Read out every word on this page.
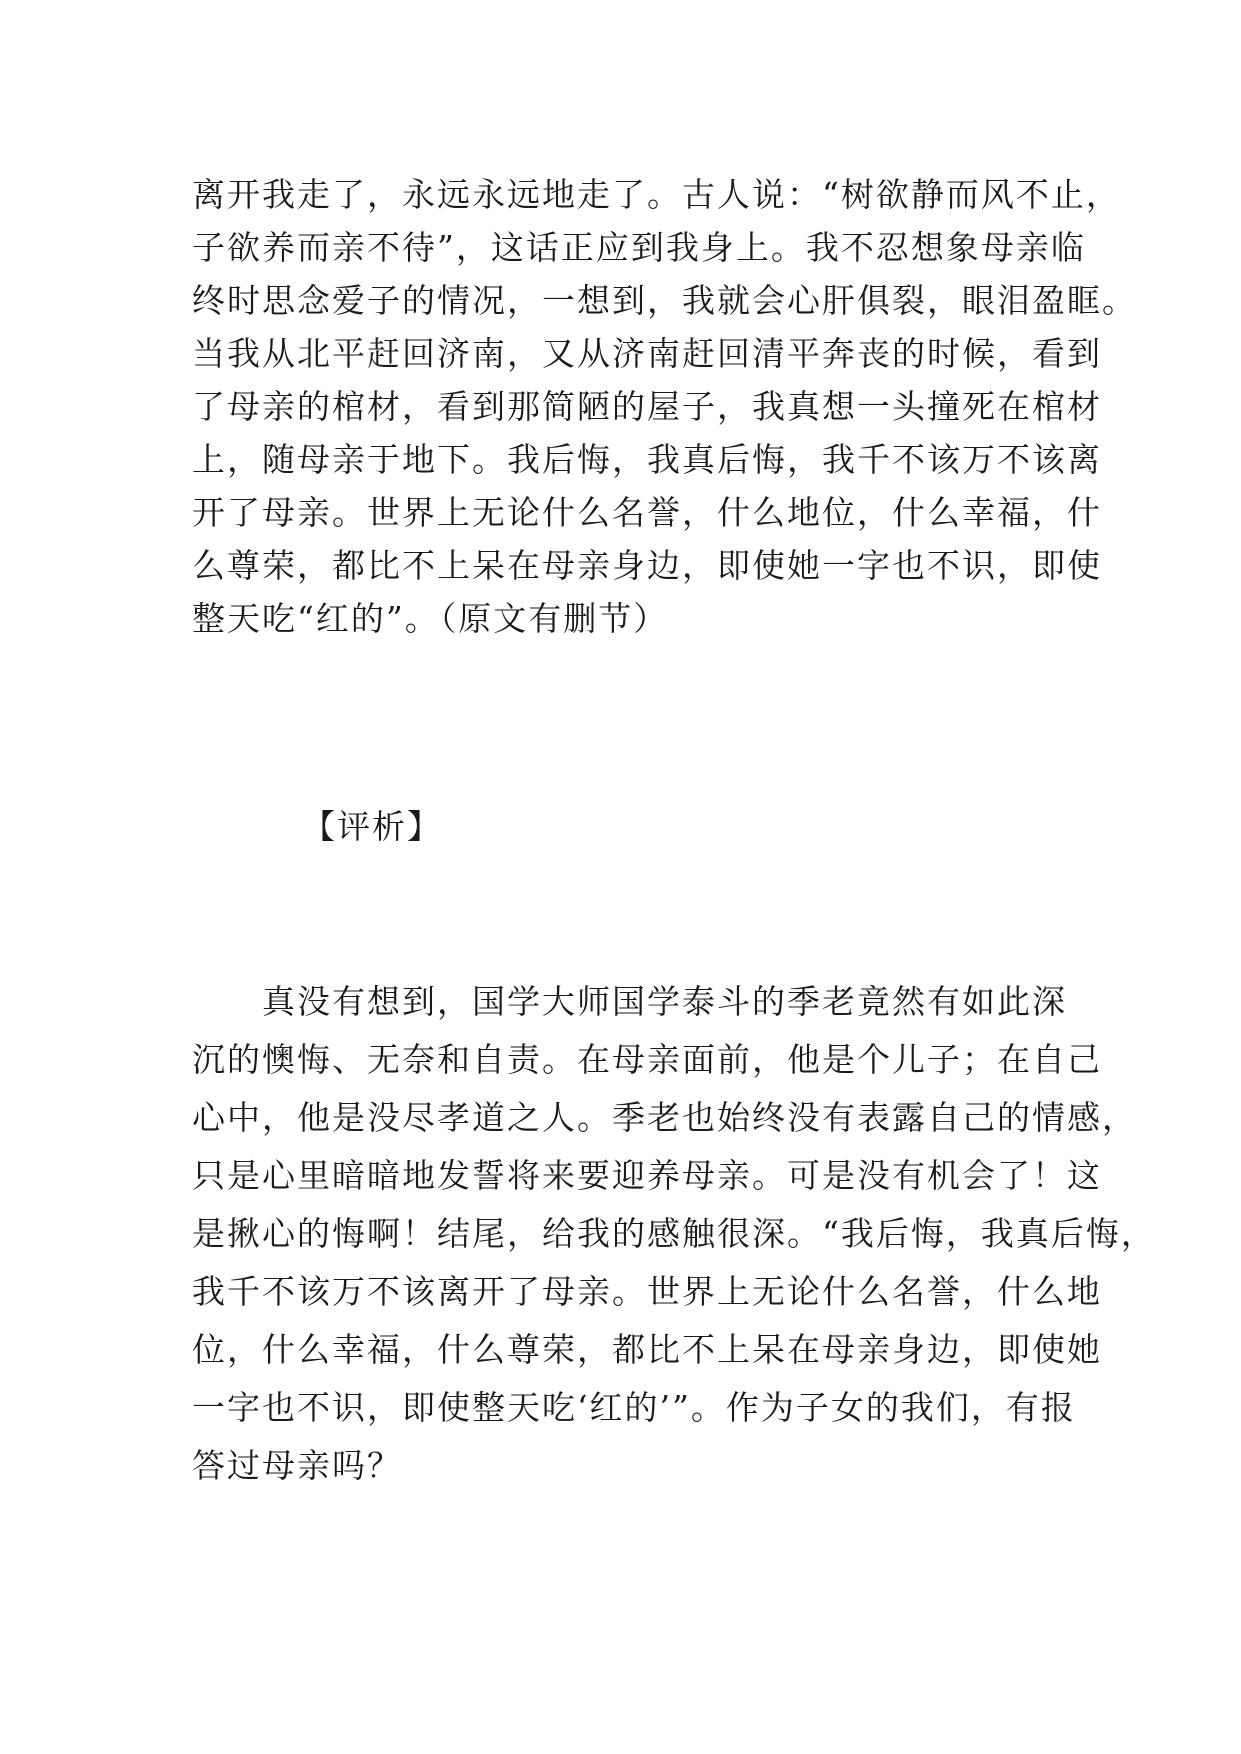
离 开 我 走 了 ， 永 远 永 远 地 走 了 。 古 人 说 ： “ 树 欲 静 而 风 不 止 ，
子 欲 养 而 亲 不 待 ” ， 这 话 正 应 到 我 身 上 。 我 不 忍 想 象 母 亲 临
终 时 思 念 爱 子 的 情 况 ， 一 想 到 ， 我 就 会 心 肝 俱 裂 ， 眼 泪 盈 眶 。
当 我 从 北 平 赶 回 济 南 ， 又 从 济 南 赶 回 清 平 奔 丧 的 时 候 ， 看 到
了 母 亲 的 棺 材 ， 看 到 那 简 陋 的 屋 子 ， 我 真 想 一 头 撞 死 在 棺 材
上 ， 随 母 亲 于 地 下 。 我 后 悔 ， 我 真 后 悔 ， 我 千 不 该 万 不 该 离
开 了 母 亲 。 世 界 上 无 论 什 么 名 誉 ， 什 么 地 位 ， 什 么 幸 福 ， 什
么 尊 荣 ， 都 比 不 上 呆 在 母 亲 身 边 ， 即 使 她 一 字 也 不 识 ， 即 使
整天吃“红的”。（原文有删节）
【评析】

真 没 有 想 到 ， 国 学 大 师 国 学 泰 斗 的 季 老 竟 然 有 如 此 深
沉 的 懊 悔 、 无 奈 和 自 责 。 在 母 亲 面 前 ， 他 是 个 儿 子 ； 在 自 己
心 中 ， 他 是 没 尽 孝 道 之 人 。 季 老 也 始 终 没 有 表 露 自 己 的 情 感 ，
只 是 心 里 暗 暗 地 发 誓 将 来 要 迎 养 母 亲 。 可 是 没 有 机 会 了 ！ 这
是 揪 心 的 悔 啊 ！ 结 尾 ， 给 我 的 感 触 很 深 。 “ 我 后 悔 ， 我 真 后 悔 ，
我 千 不 该 万 不 该 离 开 了 母 亲 。 世 界 上 无 论 什 么 名 誉 ， 什 么 地
位 ， 什 么 幸 福 ， 什 么 尊 荣 ， 都 比 不 上 呆 在 母 亲 身 边 ， 即 使 她
一 字 也 不 识 ， 即 使 整 天 吃 ‘ 红 的 ’ ” 。 作 为 子 女 的 我 们 ， 有 报
答过母亲吗？
